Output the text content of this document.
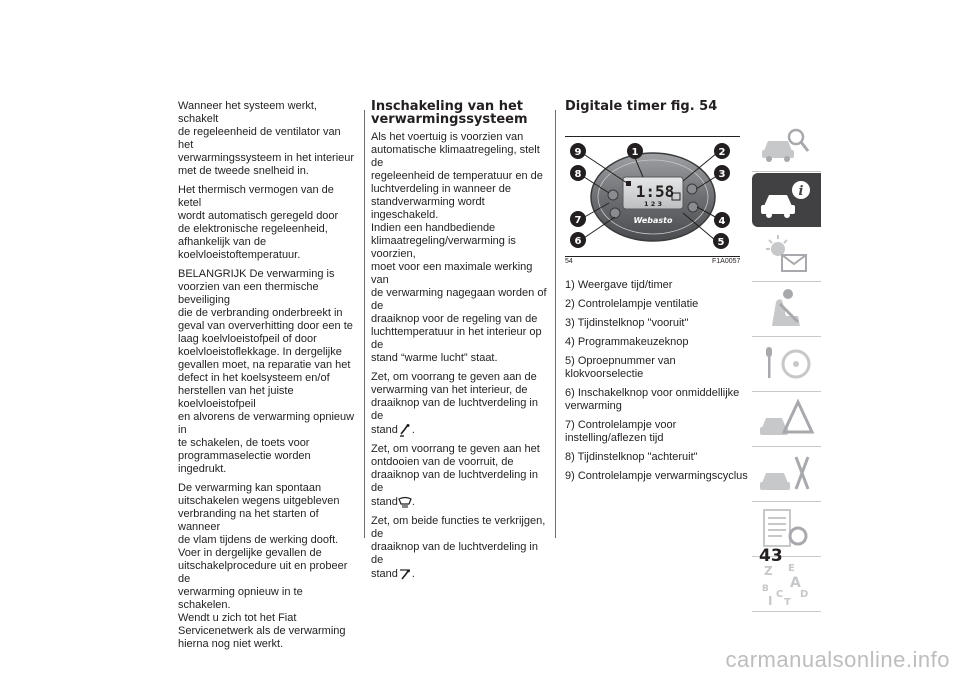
Wanneer het systeem werkt, schakelt
de regeleenheid de ventilator van het
verwarmingssysteem in het interieur
met de tweede snelheid in.

Het thermisch vermogen van de ketel
wordt automatisch geregeld door
de elektronische regeleenheid,
afhankelijk van de
koelvloeistoftemperatuur.

BELANGRIJK De verwarming is
voorzien van een thermische beveiliging
die de verbranding onderbreekt in
geval van oververhitting door een te
laag koelvloeistofpeil of door
koelvloeistoflekkage. In dergelijke
gevallen moet, na reparatie van het
defect in het koelsysteem en/of
herstellen van het juiste koelvloeistofpeil
en alvorens de verwarming opnieuw in
te schakelen, de toets voor
programmaselectie worden ingedrukt.

De verwarming kan spontaan
uitschakelen wegens uitgebleven
verbranding na het starten of wanneer
de vlam tijdens de werking dooft.
Voer in dergelijke gevallen de
uitschakelprocedure uit en probeer de
verwarming opnieuw in te schakelen.
Wendt u zich tot het Fiat
Servicenetwerk als de verwarming
hierna nog niet werkt.

Inschakeling van het
verwarmingssysteem

Als het voertuig is voorzien van
automatische klimaatregeling, stelt de
regeleenheid de temperatuur en de
luchtverdeling in wanneer de
standverwarming wordt ingeschakeld.
Indien een handbediende
klimaatregeling/verwarming is voorzien,
moet voor een maximale werking van
de verwarming nagegaan worden of de
draaiknop voor de regeling van de
luchttemperatuur in het interieur op de
stand “warme lucht” staat.

Zet, om voorrang te geven aan de
verwarming van het interieur, de
draaiknop van de luchtverdeling in de
stand .

Zet, om voorrang te geven aan het
ontdooien van de voorruit, de
draaiknop van de luchtverdeling in de
stand .

Zet, om beide functies te verkrijgen, de
draaiknop van de luchtverdeling in de
stand .

Digitale timer fig. 54
1:58
1 2 3
Webasto
1	2
3
4
5
6
7
8
9
54	F1A0057

1) Weergave tijd/timer

2) Controlelampje ventilatie

3) Tijdinstelknop "vooruit"

4) Programmakeuzeknop

5) Oproepnummer van klokvoorselectie

6) Inschakelknop voor onmiddellijke verwarming

7) Controlelampje voor instelling/aflezen tijd

8) Tijdinstelknop "achteruit"

9) Controlelampje verwarmingscyclus

i
Z E
B A
C D
T
I
43
carmanualsonline.info
